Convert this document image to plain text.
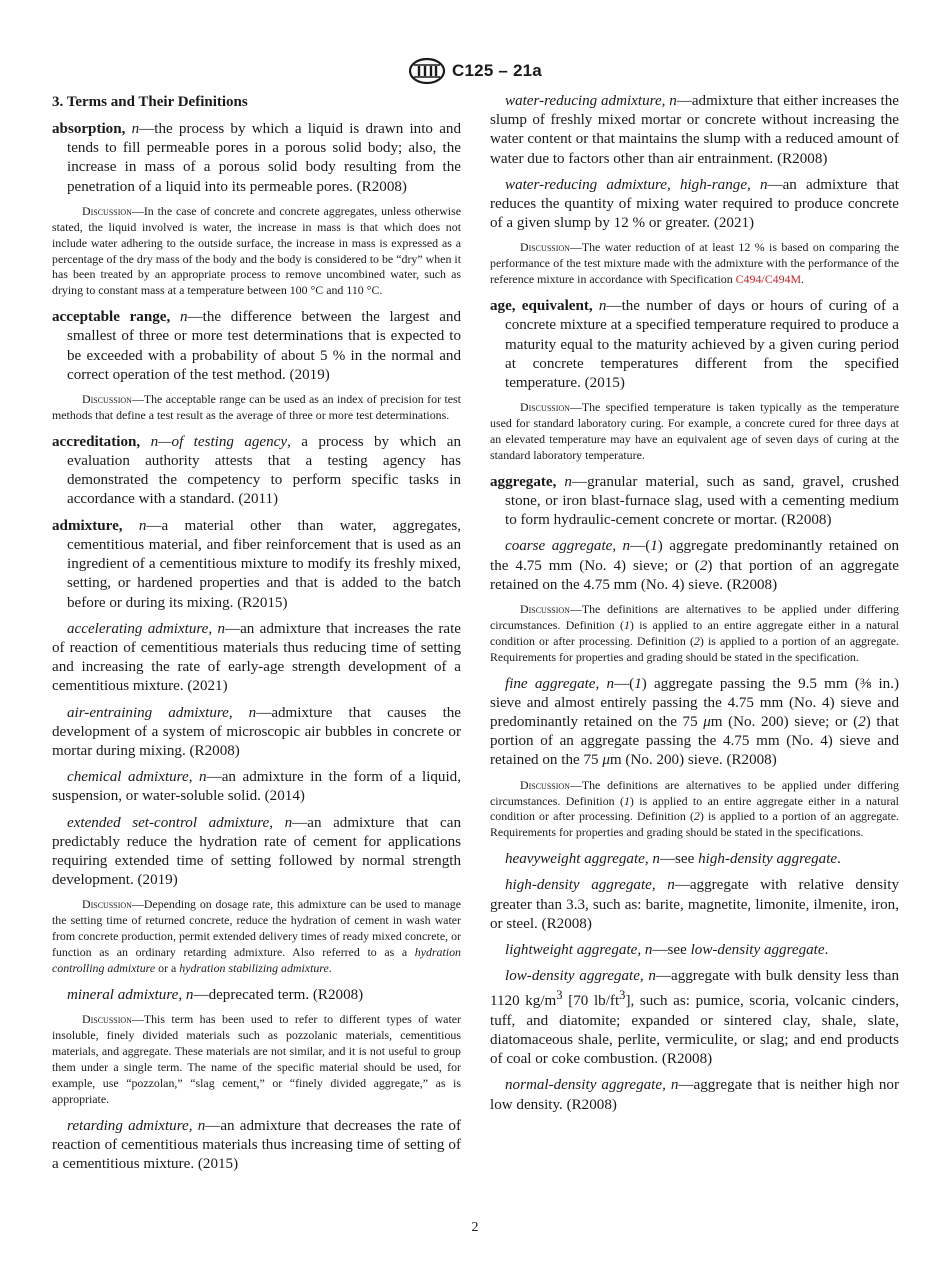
C125 – 21a
3. Terms and Their Definitions

absorption, n—the process by which a liquid is drawn into and tends to fill permeable pores in a porous solid body; also, the increase in mass of a porous solid body resulting from the penetration of a liquid into its permeable pores. (R2008)

Discussion—In the case of concrete and concrete aggregates, unless otherwise stated, the liquid involved is water, the increase in mass is that which does not include water adhering to the outside surface, the increase in mass is expressed as a percentage of the dry mass of the body and the body is considered to be “dry” when it has been treated by an appropriate process to remove uncombined water, such as drying to constant mass at a temperature between 100 °C and 110 °C.

acceptable range, n—the difference between the largest and smallest of three or more test determinations that is expected to be exceeded with a probability of about 5 % in the normal and correct operation of the test method. (2019)

Discussion—The acceptable range can be used as an index of precision for test methods that define a test result as the average of three or more test determinations.

accreditation, n—of testing agency, a process by which an evaluation authority attests that a testing agency has demonstrated the competency to perform specific tasks in accordance with a standard. (2011)

admixture, n—a material other than water, aggregates, cementitious material, and fiber reinforcement that is used as an ingredient of a cementitious mixture to modify its freshly mixed, setting, or hardened properties and that is added to the batch before or during its mixing. (R2015)

accelerating admixture, n—an admixture that increases the rate of reaction of cementitious materials thus reducing time of setting and increasing the rate of early-age strength development of a cementitious mixture. (2021)

air-entraining admixture, n—admixture that causes the development of a system of microscopic air bubbles in concrete or mortar during mixing. (R2008)

chemical admixture, n—an admixture in the form of a liquid, suspension, or water-soluble solid. (2014)

extended set-control admixture, n—an admixture that can predictably reduce the hydration rate of cement for applications requiring extended time of setting followed by normal strength development. (2019)

Discussion—Depending on dosage rate, this admixture can be used to manage the setting time of returned concrete, reduce the hydration of cement in wash water from concrete production, permit extended delivery times of ready mixed concrete, or function as an ordinary retarding admixture. Also referred to as a hydration controlling admixture or a hydration stabilizing admixture.

mineral admixture, n—deprecated term. (R2008)

Discussion—This term has been used to refer to different types of water insoluble, finely divided materials such as pozzolanic materials, cementitious materials, and aggregate. These materials are not similar, and it is not useful to group them under a single term. The name of the specific material should be used, for example, use “pozzolan,” “slag cement,” or “finely divided aggregate,” as is appropriate.

retarding admixture, n—an admixture that decreases the rate of reaction of cementitious materials thus increasing time of setting of a cementitious mixture. (2015)

water-reducing admixture, n—admixture that either increases the slump of freshly mixed mortar or concrete without increasing the water content or that maintains the slump with a reduced amount of water due to factors other than air entrainment. (R2008)

water-reducing admixture, high-range, n—an admixture that reduces the quantity of mixing water required to produce concrete of a given slump by 12 % or greater. (2021)

Discussion—The water reduction of at least 12 % is based on comparing the performance of the test mixture made with the admixture with the performance of the reference mixture in accordance with Specification C494/C494M.

age, equivalent, n—the number of days or hours of curing of a concrete mixture at a specified temperature required to produce a maturity equal to the maturity achieved by a given curing period at concrete temperatures different from the specified temperature. (2015)

Discussion—The specified temperature is taken typically as the temperature used for standard laboratory curing. For example, a concrete cured for three days at an elevated temperature may have an equivalent age of seven days of curing at the standard laboratory temperature.

aggregate, n—granular material, such as sand, gravel, crushed stone, or iron blast-furnace slag, used with a cementing medium to form hydraulic-cement concrete or mortar. (R2008)

coarse aggregate, n—(1) aggregate predominantly retained on the 4.75 mm (No. 4) sieve; or (2) that portion of an aggregate retained on the 4.75 mm (No. 4) sieve. (R2008)

Discussion—The definitions are alternatives to be applied under differing circumstances. Definition (1) is applied to an entire aggregate either in a natural condition or after processing. Definition (2) is applied to a portion of an aggregate. Requirements for properties and grading should be stated in the specification.

fine aggregate, n—(1) aggregate passing the 9.5 mm (⅜ in.) sieve and almost entirely passing the 4.75 mm (No. 4) sieve and predominantly retained on the 75 μm (No. 200) sieve; or (2) that portion of an aggregate passing the 4.75 mm (No. 4) sieve and retained on the 75 μm (No. 200) sieve. (R2008)

Discussion—The definitions are alternatives to be applied under differing circumstances. Definition (1) is applied to an entire aggregate either in a natural condition or after processing. Definition (2) is applied to a portion of an aggregate. Requirements for properties and grading should be stated in the specifications.

heavyweight aggregate, n—see high-density aggregate.

high-density aggregate, n—aggregate with relative density greater than 3.3, such as: barite, magnetite, limonite, ilmenite, iron, or steel. (R2008)

lightweight aggregate, n—see low-density aggregate.

low-density aggregate, n—aggregate with bulk density less than 1120 $kg/m^3$ [70 $lb/ft^3$], such as: pumice, scoria, volcanic cinders, tuff, and diatomite; expanded or sintered clay, shale, slate, diatomaceous shale, perlite, vermiculite, or slag; and end products of coal or coke combustion. (R2008)

normal-density aggregate, n—aggregate that is neither high nor low density. (R2008)

2
